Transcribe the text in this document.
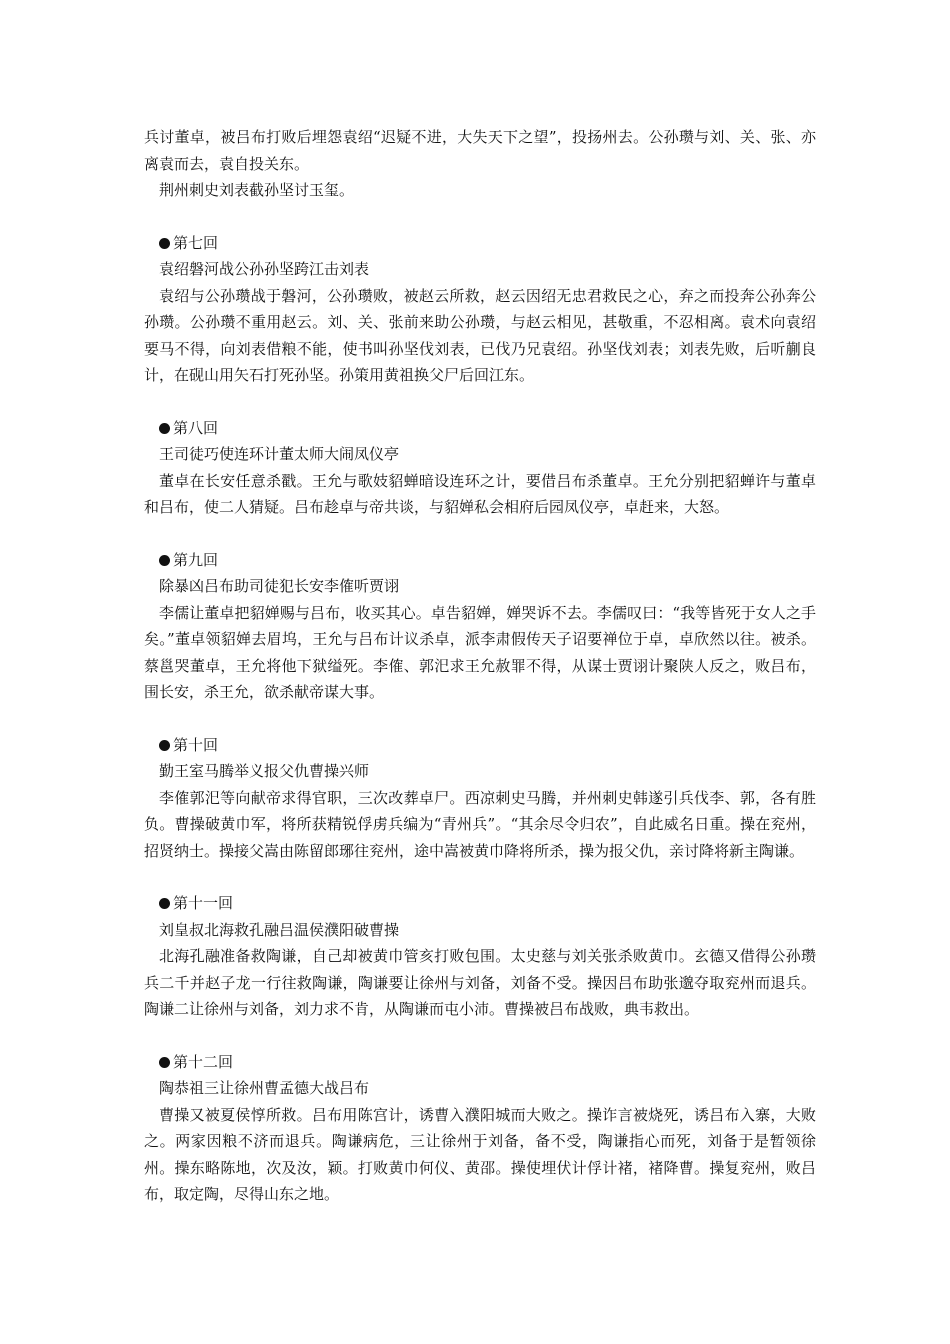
兵讨董卓，被吕布打败后埋怨袁绍“迟疑不进，大失天下之望”，投扬州去。公孙瓒与刘、关、张、亦离袁而去，袁自投关东。

荆州刺史刘表截孙坚讨玉玺。

第七回

袁绍磐河战公孙孙坚跨江击刘表

袁绍与公孙瓒战于磐河，公孙瓒败，被赵云所救，赵云因绍无忠君救民之心，弃之而投奔公孙奔公孙瓒。公孙瓒不重用赵云。刘、关、张前来助公孙瓒，与赵云相见，甚敬重，不忍相离。袁术向袁绍要马不得，向刘表借粮不能，使书叫孙坚伐刘表，已伐乃兄袁绍。孙坚伐刘表；刘表先败，后听蒯良计，在砚山用矢石打死孙坚。孙策用黄祖换父尸后回江东。

第八回

王司徒巧使连环计董太师大闹凤仪亭

董卓在长安任意杀戳。王允与歌妓貂蝉暗设连环之计，要借吕布杀董卓。王允分别把貂蝉许与董卓和吕布，使二人猜疑。吕布趁卓与帝共谈，与貂婵私会相府后园凤仪亭，卓赶来，大怒。

第九回

除暴凶吕布助司徒犯长安李傕听贾诩

李儒让董卓把貂婵赐与吕布，收买其心。卓告貂婵，婵哭诉不去。李儒叹曰：“我等皆死于女人之手矣。”董卓领貂婵去眉坞，王允与吕布计议杀卓，派李肃假传天子诏要禅位于卓，卓欣然以往。被杀。蔡邕哭董卓，王允将他下狱缢死。李傕、郭汜求王允赦罪不得，从谋士贾诩计聚陕人反之，败吕布，围长安，杀王允，欲杀献帝谋大事。

第十回

勤王室马腾举义报父仇曹操兴师

李傕郭汜等向献帝求得官职，三次改葬卓尸。西凉刺史马腾，并州刺史韩遂引兵伐李、郭，各有胜负。曹操破黄巾军，将所获精锐俘虏兵编为“青州兵”。“其余尽令归农”，自此威名日重。操在兖州，招贤纳士。操接父嵩由陈留郎琊往兖州，途中嵩被黄巾降将所杀，操为报父仇，亲讨降将新主陶谦。

第十一回

刘皇叔北海救孔融吕温侯濮阳破曹操

北海孔融准备救陶谦，自己却被黄巾管亥打败包围。太史慈与刘关张杀败黄巾。玄德又借得公孙瓒兵二千并赵子龙一行往救陶谦，陶谦要让徐州与刘备，刘备不受。操因吕布助张邈夺取兖州而退兵。陶谦二让徐州与刘备，刘力求不肯，从陶谦而屯小沛。曹操被吕布战败，典韦救出。

第十二回

陶恭祖三让徐州曹孟德大战吕布

曹操又被夏侯惇所救。吕布用陈宫计，诱曹入濮阳城而大败之。操诈言被烧死，诱吕布入寨，大败之。两家因粮不济而退兵。陶谦病危，三让徐州于刘备，备不受，陶谦指心而死，刘备于是暂领徐州。操东略陈地，次及汝，颖。打败黄巾何仪、黄邵。操使埋伏计俘计褚，褚降曹。操复兖州，败吕布，取定陶，尽得山东之地。
